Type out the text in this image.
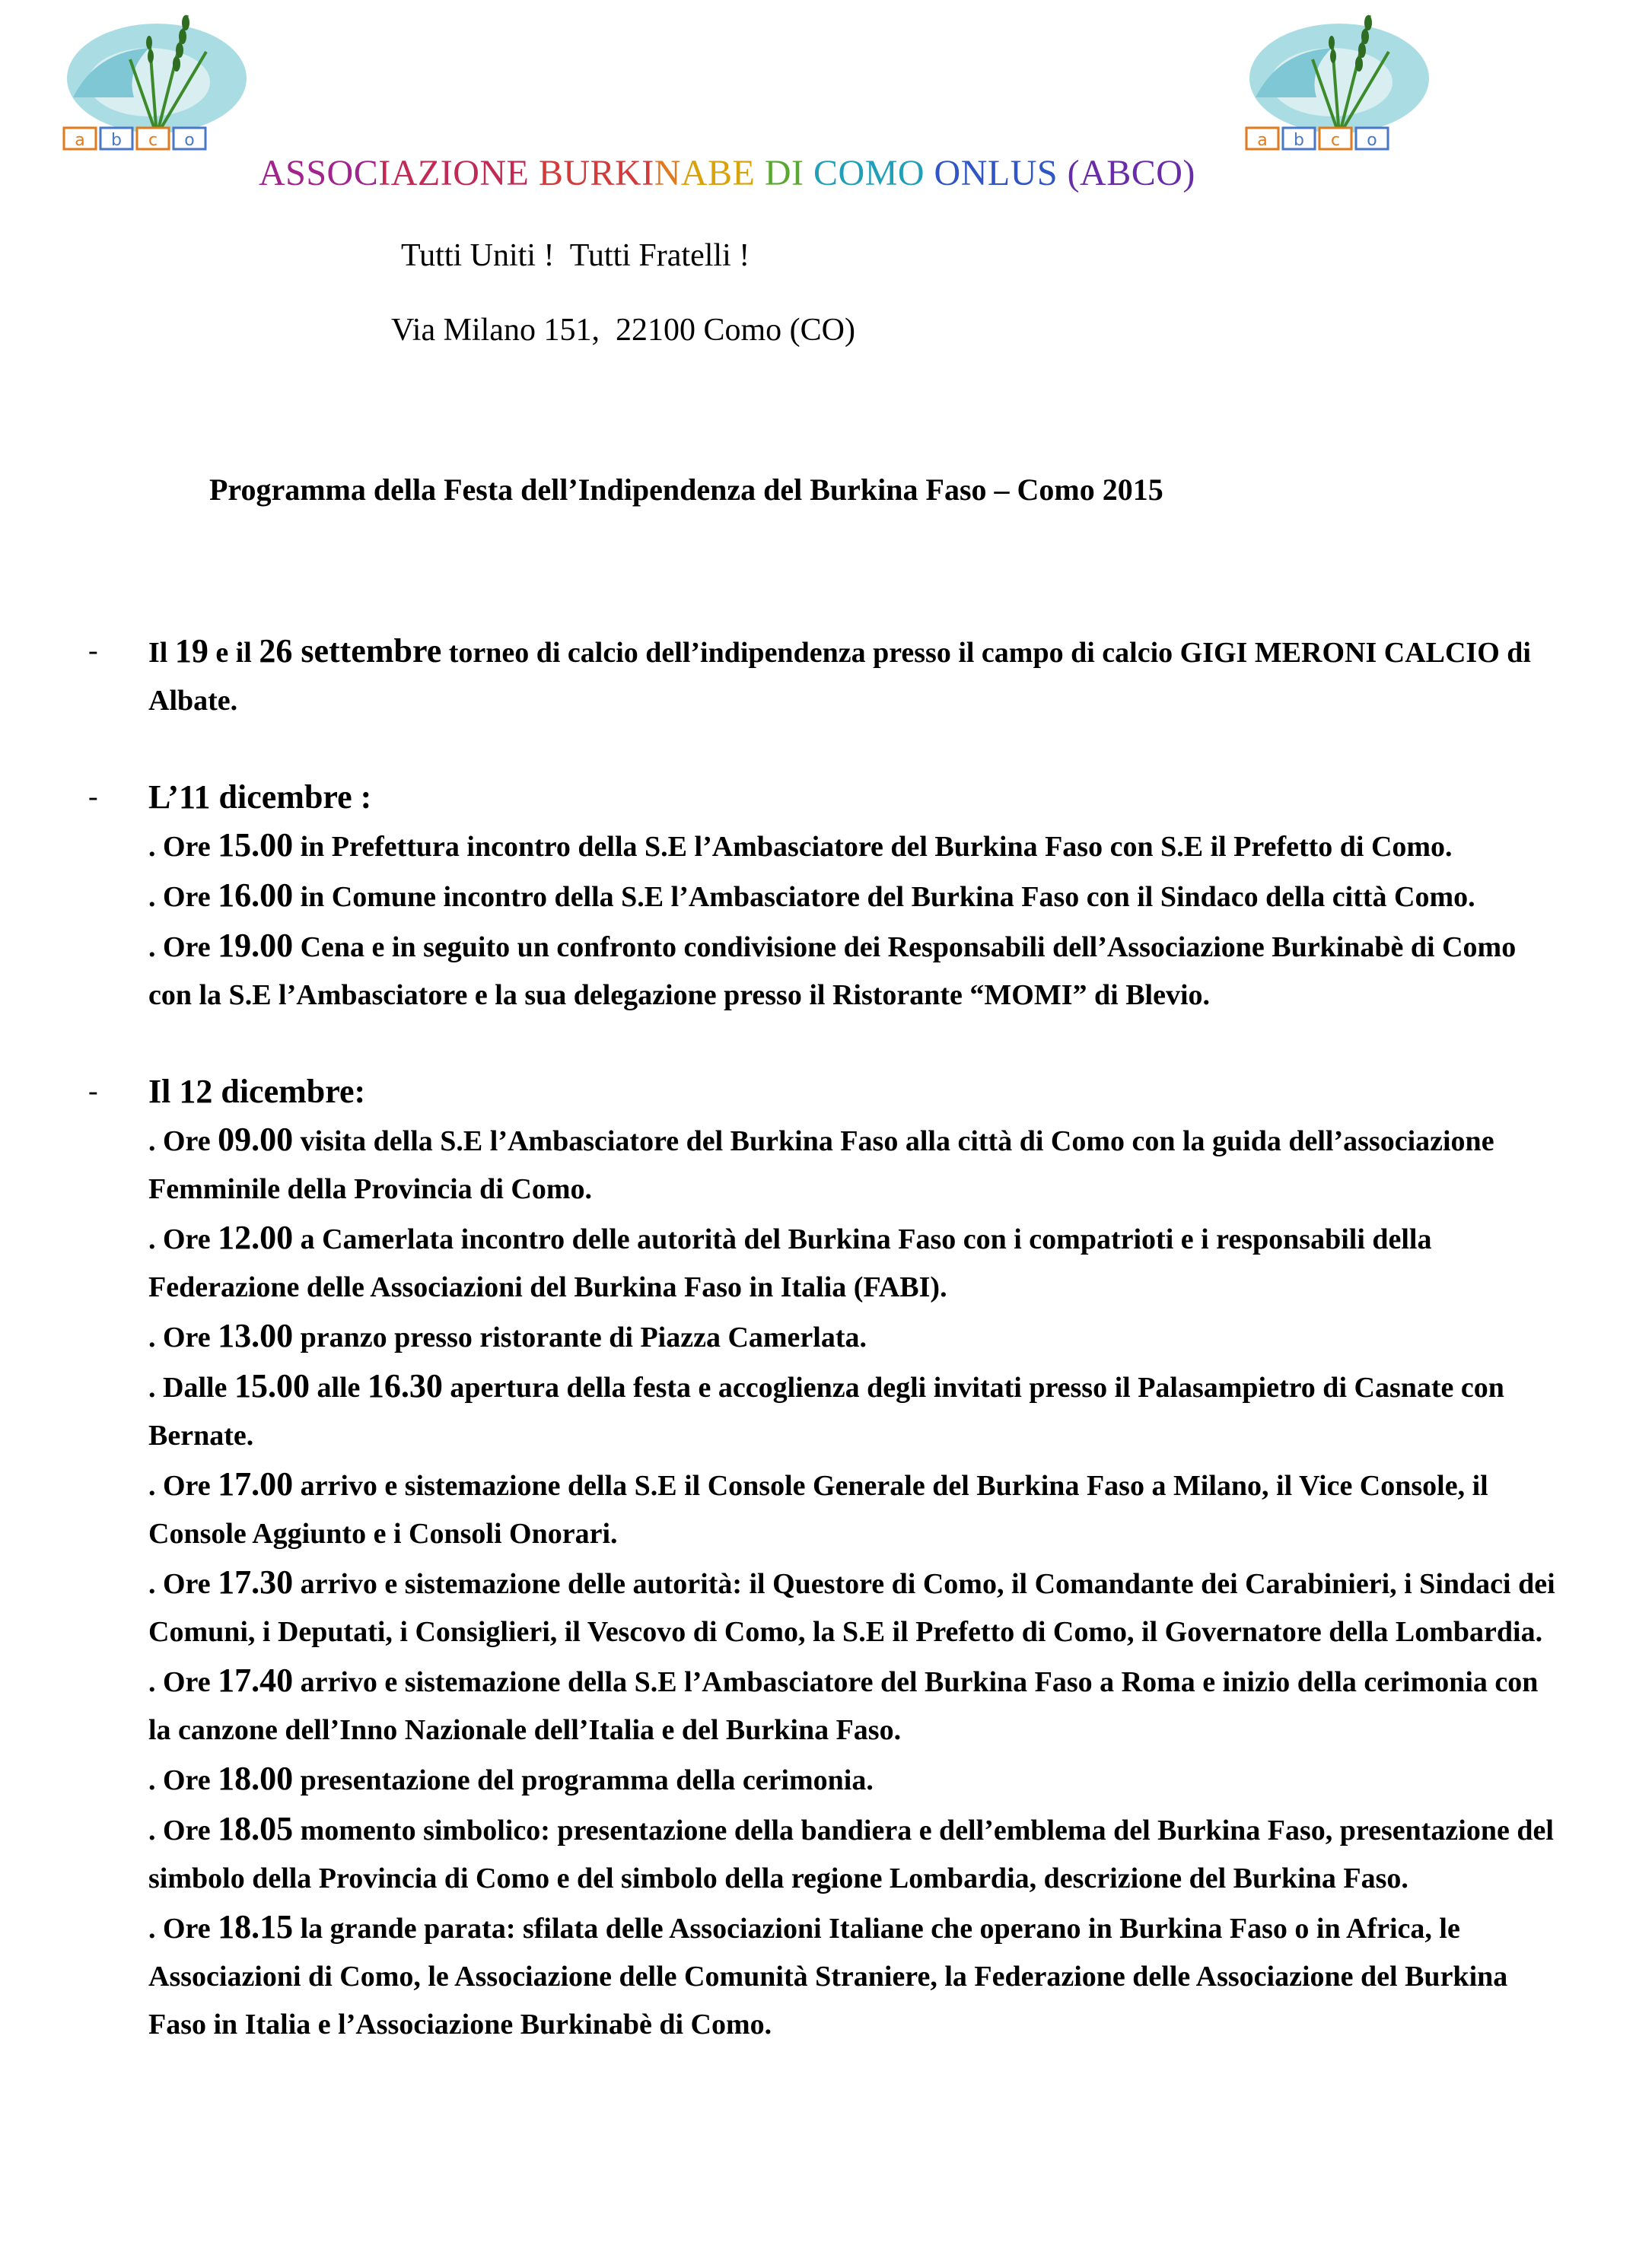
a b c o	a b c o
ASSOCIAZIONE BURKINABE DI COMO ONLUS (ABCO)
Tutti Uniti !  Tutti Fratelli !
Via Milano 151,  22100 Como (CO)
Programma della Festa dell’Indipendenza del Burkina Faso – Como 2015
- Il 19 e il 26 settembre torneo di calcio dell’indipendenza presso il campo di calcio GIGI MERONI CALCIO di Albate.
- L’11 dicembre :
. Ore 15.00 in Prefettura incontro della S.E l’Ambasciatore del Burkina Faso con S.E il Prefetto di Como.
. Ore 16.00 in Comune incontro della S.E l’Ambasciatore del Burkina Faso con il Sindaco della città Como.
. Ore 19.00 Cena e in seguito un confronto condivisione dei Responsabili dell’Associazione Burkinabè di Como con la S.E l’Ambasciatore e la sua delegazione presso il Ristorante “MOMI” di Blevio.
- Il 12 dicembre:
. Ore 09.00 visita della S.E l’Ambasciatore del Burkina Faso alla città di Como con la guida dell’associazione Femminile della Provincia di Como.
. Ore 12.00 a Camerlata incontro delle autorità del Burkina Faso con i compatrioti e i responsabili della Federazione delle Associazioni del Burkina Faso in Italia (FABI).
. Ore 13.00 pranzo presso ristorante di Piazza Camerlata.
. Dalle 15.00 alle 16.30 apertura della festa e accoglienza degli invitati presso il Palasampietro di Casnate con Bernate.
. Ore 17.00 arrivo e sistemazione della S.E il Console Generale del Burkina Faso a Milano, il Vice Console, il Console Aggiunto e i Consoli Onorari.
. Ore 17.30 arrivo e sistemazione delle autorità: il Questore di Como, il Comandante dei Carabinieri, i Sindaci dei Comuni, i Deputati, i Consiglieri, il Vescovo di Como, la S.E il Prefetto di Como, il Governatore della Lombardia.
. Ore 17.40 arrivo e sistemazione della S.E l’Ambasciatore del Burkina Faso a Roma e inizio della cerimonia con la canzone dell’Inno Nazionale dell’Italia e del Burkina Faso.
. Ore 18.00 presentazione del programma della cerimonia.
. Ore 18.05 momento simbolico: presentazione della bandiera e dell’emblema del Burkina Faso, presentazione del simbolo della Provincia di Como e del simbolo della regione Lombardia, descrizione del Burkina Faso.
. Ore 18.15 la grande parata: sfilata delle Associazioni Italiane che operano in Burkina Faso o in Africa, le Associazioni di Como, le Associazione delle Comunità Straniere, la Federazione delle Associazione del Burkina Faso in Italia e l’Associazione Burkinabè di Como.
